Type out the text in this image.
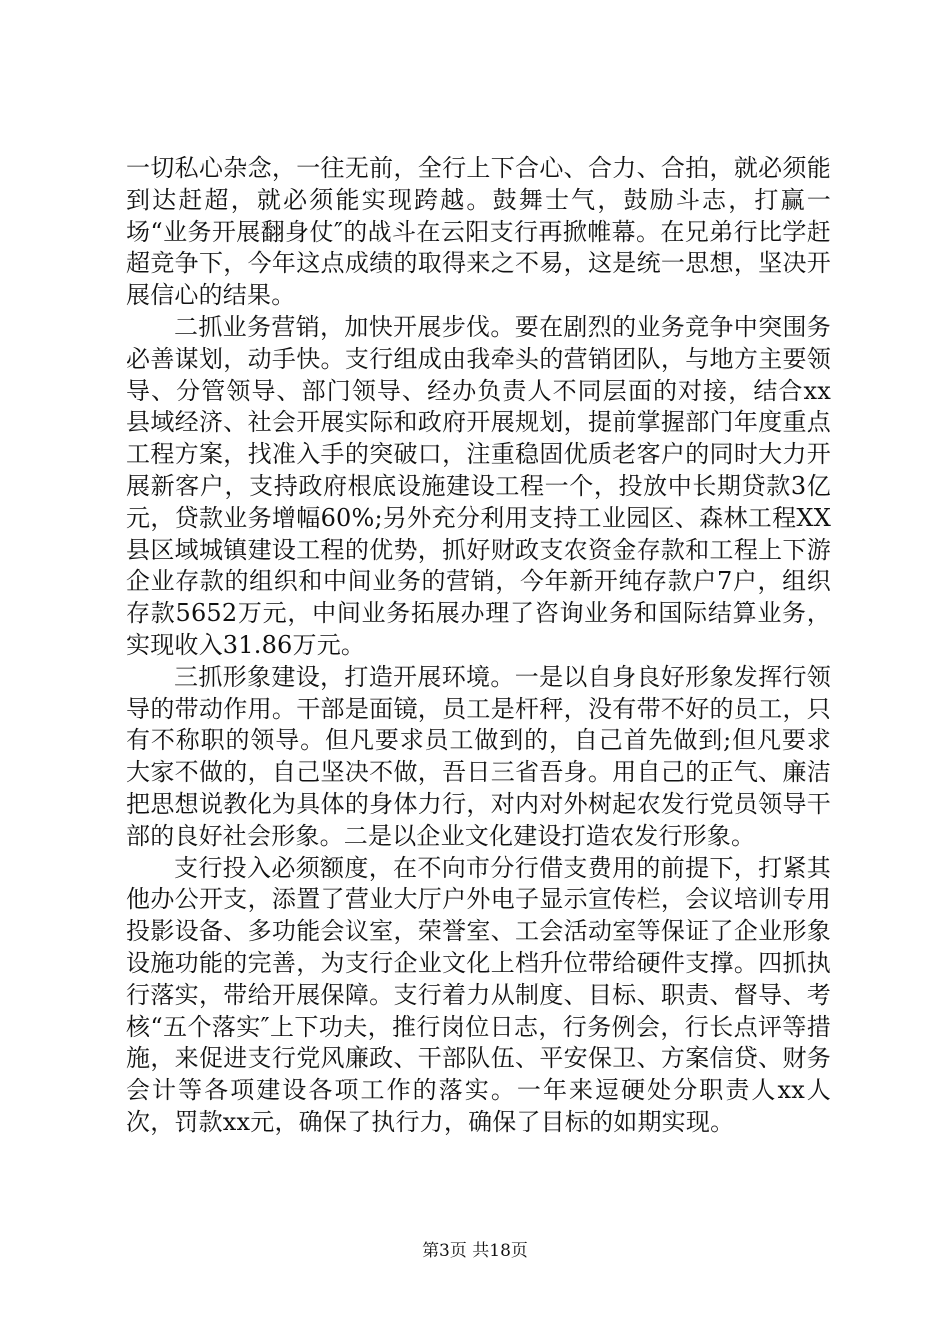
一切私心杂念，一往无前，全行上下合心、合力、合拍，就必须能到达赶超，就必须能实现跨越。鼓舞士气，鼓励斗志，打赢一场“业务开展翻身仗″的战斗在云阳支行再掀帷幕。在兄弟行比学赶超竞争下，今年这点成绩的取得来之不易，这是统一思想，坚决开展信心的结果。

二抓业务营销，加快开展步伐。要在剧烈的业务竞争中突围务必善谋划，动手快。支行组成由我牵头的营销团队，与地方主要领导、分管领导、部门领导、经办负责人不同层面的对接，结合xx县域经济、社会开展实际和政府开展规划，提前掌握部门年度重点工程方案，找准入手的突破口，注重稳固优质老客户的同时大力开展新客户，支持政府根底设施建设工程一个，投放中长期贷款3亿元，贷款业务增幅60%;另外充分利用支持工业园区、森林工程XX县区域城镇建设工程的优势，抓好财政支农资金存款和工程上下游企业存款的组织和中间业务的营销，今年新开纯存款户7户，组织存款5652万元，中间业务拓展办理了咨询业务和国际结算业务，实现收入31.86万元。

三抓形象建设，打造开展环境。一是以自身良好形象发挥行领导的带动作用。干部是面镜，员工是杆秤，没有带不好的员工，只有不称职的领导。但凡要求员工做到的，自己首先做到;但凡要求大家不做的，自己坚决不做，吾日三省吾身。用自己的正气、廉洁把思想说教化为具体的身体力行，对内对外树起农发行党员领导干部的良好社会形象。二是以企业文化建设打造农发行形象。

支行投入必须额度，在不向市分行借支费用的前提下，打紧其他办公开支，添置了营业大厅户外电子显示宣传栏，会议培训专用投影设备、多功能会议室，荣誉室、工会活动室等保证了企业形象设施功能的完善，为支行企业文化上档升位带给硬件支撑。四抓执行落实，带给开展保障。支行着力从制度、目标、职责、督导、考核“五个落实″上下功夫，推行岗位日志，行务例会，行长点评等措施，来促进支行党风廉政、干部队伍、平安保卫、方案信贷、财务会计等各项建设各项工作的落实。一年来逗硬处分职责人xx人次，罚款xx元，确保了执行力，确保了目标的如期实现。

第3页 共18页
